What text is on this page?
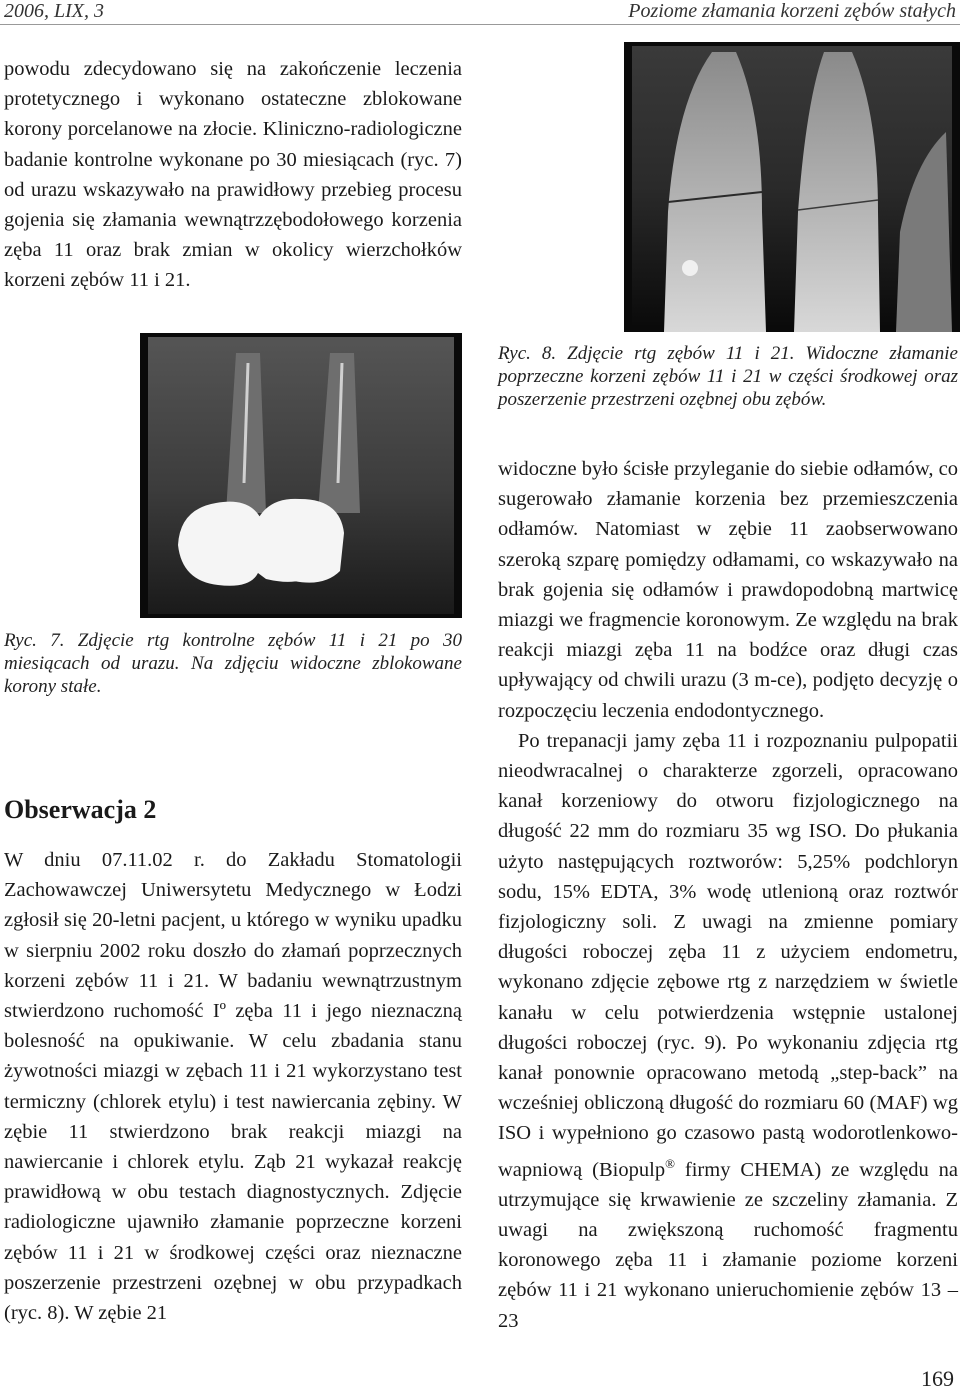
2006, LIX, 3	Poziome złamania korzeni zębów stałych

powodu zdecydowano się na zakończenie leczenia protetycznego i wykonano ostateczne zblokowane korony porcelanowe na złocie. Kliniczno-radiologiczne badanie kontrolne wykonane po 30 miesiącach (ryc. 7) od urazu wskazywało na prawidłowy przebieg procesu gojenia się złamania wewnątrzzębodołowego korzenia zęba 11 oraz brak zmian w okolicy wierzchołków korzeni zębów 11 i 21.

Ryc. 8. Zdjęcie rtg zębów 11 i 21. Widoczne złamanie poprzeczne korzeni zębów 11 i 21 w części środkowej oraz poszerzenie przestrzeni ozębnej obu zębów.
Ryc. 7. Zdjęcie rtg kontrolne zębów 11 i 21 po 30 miesiącach od urazu. Na zdjęciu widoczne zblokowane korony stałe.
Obserwacja 2

W dniu 07.11.02 r. do Zakładu Stomatologii Zachowawczej Uniwersytetu Medycznego w Łodzi zgłosił się 20-letni pacjent, u którego w wyniku upadku w sierpniu 2002 roku doszło do złamań poprzecznych korzeni zębów 11 i 21. W badaniu wewnątrzustnym stwierdzono ruchomość Iº zęba 11 i jego nieznaczną bolesność na opukiwanie. W celu zbadania stanu żywotności miazgi w zębach 11 i 21 wykorzystano test termiczny (chlorek etylu) i test nawiercania zębiny. W zębie 11 stwierdzono brak reakcji miazgi na nawiercanie i chlorek etylu. Ząb 21 wykazał reakcję prawidłową w obu testach diagnostycznych. Zdjęcie radiologiczne ujawniło złamanie poprzeczne korzeni zębów 11 i 21 w środkowej części oraz nieznaczne poszerzenie przestrzeni ozębnej w obu przypadkach (ryc. 8). W zębie 21

widoczne było ścisłe przyleganie do siebie odłamów, co sugerowało złamanie korzenia bez przemieszczenia odłamów. Natomiast w zębie 11 zaobserwowano szeroką szparę pomiędzy odłamami, co wskazywało na brak gojenia się odłamów i prawdopodobną martwicę miazgi we fragmencie koronowym. Ze względu na brak reakcji miazgi zęba 11 na bodźce oraz długi czas upływający od chwili urazu (3 m-ce), podjęto decyzję o rozpoczęciu leczenia endodontycznego.

Po trepanacji jamy zęba 11 i rozpoznaniu pulpopatii nieodwracalnej o charakterze zgorzeli, opracowano kanał korzeniowy do otworu fizjologicznego na długość 22 mm do rozmiaru 35 wg ISO. Do płukania użyto następujących roztworów: 5,25% podchloryn sodu, 15% EDTA, 3% wodę utlenioną oraz roztwór fizjologiczny soli. Z uwagi na zmienne pomiary długości roboczej zęba 11 z użyciem endometru, wykonano zdjęcie zębowe rtg z narzędziem w świetle kanału w celu potwierdzenia wstępnie ustalonej długości roboczej (ryc. 9). Po wykonaniu zdjęcia rtg kanał ponownie opracowano metodą „step-back” na wcześniej obliczoną długość do rozmiaru 60 (MAF) wg ISO i wypełniono go czasowo pastą wodorotlenkowo-wapniową (Biopulp® firmy CHEMA) ze względu na utrzymujące się krwawienie ze szczeliny złamania. Z uwagi na zwiększoną ruchomość fragmentu koronowego zęba 11 i złamanie poziome korzeni zębów 11 i 21 wykonano unieruchomienie zębów 13 – 23

169
